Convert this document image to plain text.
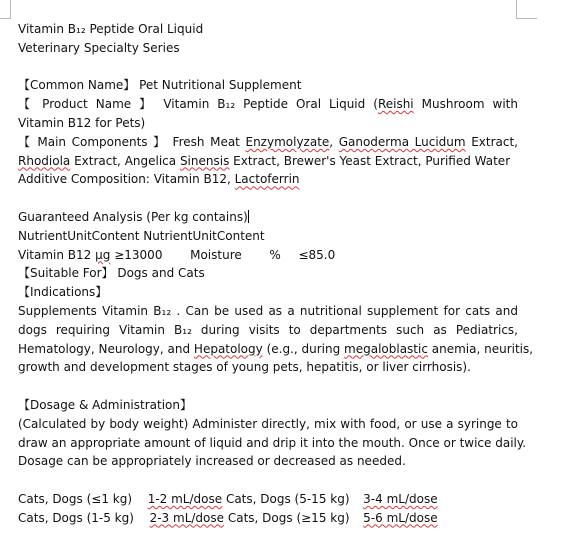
Vitamin B₁₂ Peptide Oral Liquid
Veterinary Specialty Series
【Common Name】 Pet Nutritional Supplement
【 Product Name 】 Vitamin B₁₂ Peptide Oral Liquid (Reishi Mushroom with
Vitamin B12 for Pets)
【 Main Components 】 Fresh Meat Enzymolyzate, Ganoderma Lucidum Extract,
Rhodiola Extract, Angelica Sinensis Extract, Brewer's Yeast Extract, Purified Water
Additive Composition: Vitamin B12, Lactoferrin
Guaranteed Analysis (Per kg contains)
NutrientUnitContent NutrientUnitContent
Vitamin B12 μg ≥13000 Moisture % ≤85.0
【Suitable For】 Dogs and Cats
【Indications】
Supplements Vitamin B₁₂ . Can be used as a nutritional supplement for cats and
dogs requiring Vitamin B₁₂ during visits to departments such as Pediatrics,
Hematology, Neurology, and Hepatology (e.g., during megaloblastic anemia, neuritis,
growth and development stages of young pets, hepatitis, or liver cirrhosis).
【Dosage & Administration】
(Calculated by body weight) Administer directly, mix with food, or use a syringe to
draw an appropriate amount of liquid and drip it into the mouth. Once or twice daily.
Dosage can be appropriately increased or decreased as needed.
Cats, Dogs (≤1 kg) 1-2 mL/dose Cats, Dogs (5-15 kg) 3-4 mL/dose
Cats, Dogs (1-5 kg) 2-3 mL/dose Cats, Dogs (≥15 kg) 5-6 mL/dose
